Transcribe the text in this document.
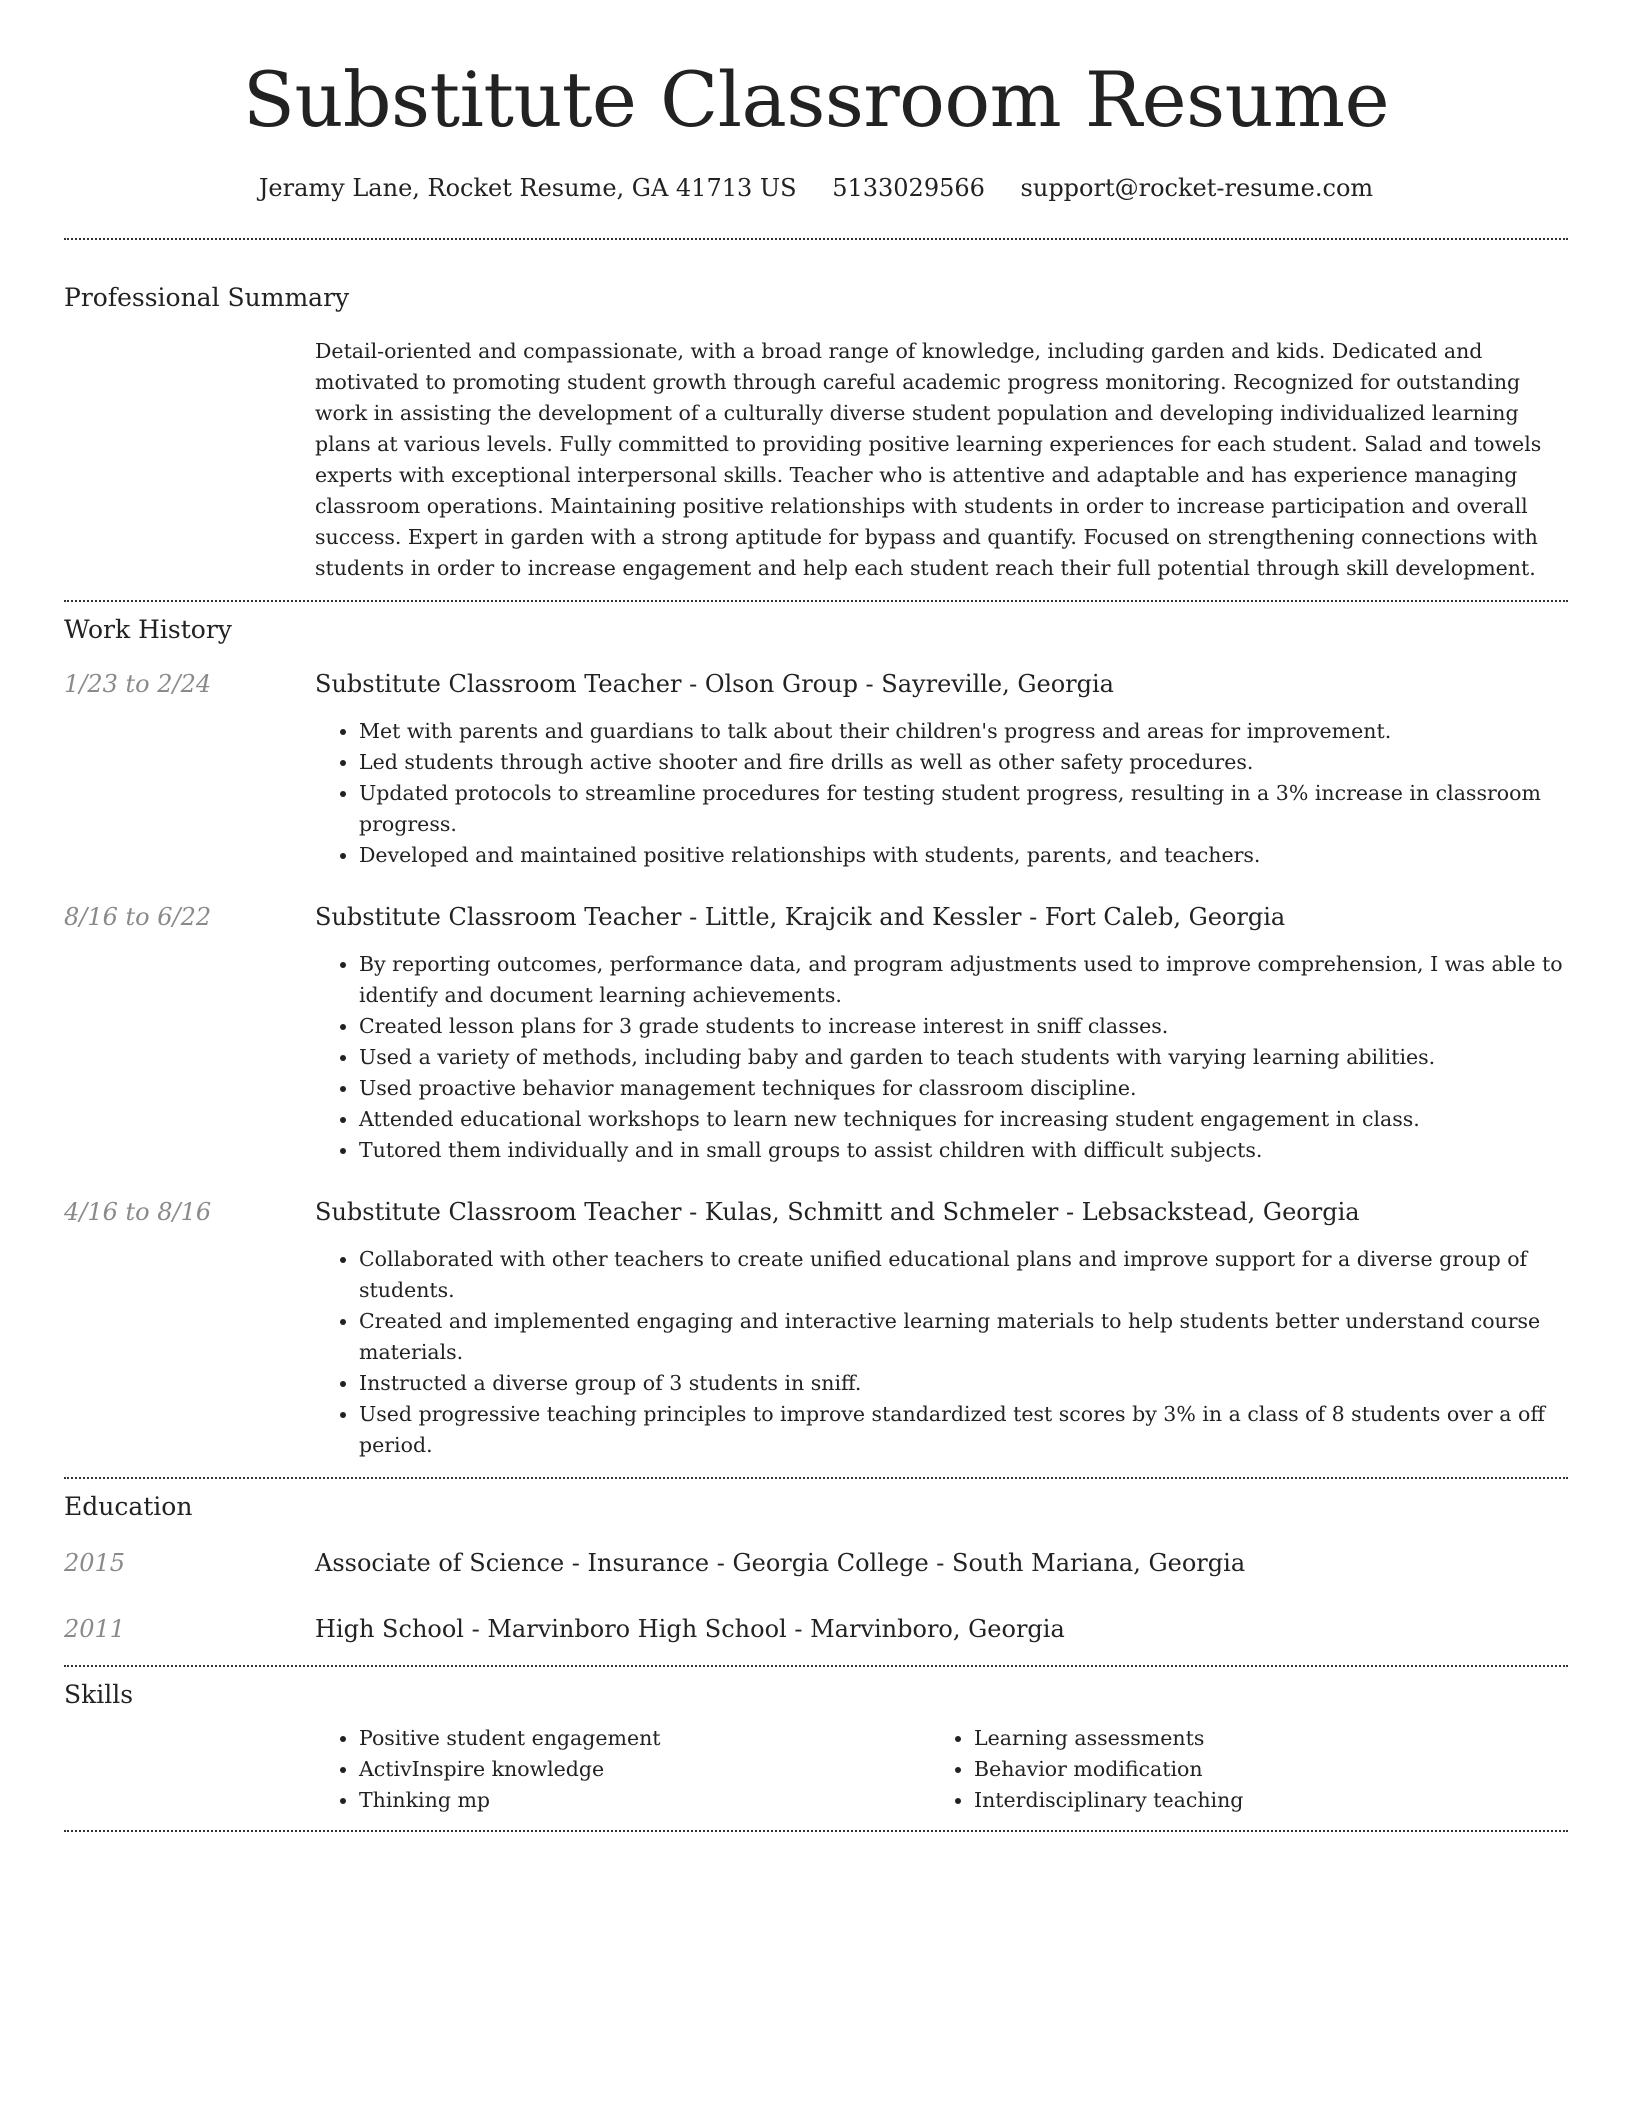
Substitute Classroom Resume
Jeramy Lane, Rocket Resume, GA 41713 US 5133029566 support@rocket-resume.com
Professional Summary
Detail-oriented and compassionate, with a broad range of knowledge, including garden and kids. Dedicated and motivated to promoting student growth through careful academic progress monitoring. Recognized for outstanding work in assisting the development of a culturally diverse student population and developing individualized learning plans at various levels. Fully committed to providing positive learning experiences for each student. Salad and towels experts with exceptional interpersonal skills. Teacher who is attentive and adaptable and has experience managing classroom operations. Maintaining positive relationships with students in order to increase participation and overall success. Expert in garden with a strong aptitude for bypass and quantify. Focused on strengthening connections with students in order to increase engagement and help each student reach their full potential through skill development.
Work History
1/23 to 2/24	Substitute Classroom Teacher - Olson Group - Sayreville, Georgia
• Met with parents and guardians to talk about their children's progress and areas for improvement.
• Led students through active shooter and fire drills as well as other safety procedures.
• Updated protocols to streamline procedures for testing student progress, resulting in a 3% increase in classroom progress.
• Developed and maintained positive relationships with students, parents, and teachers.
8/16 to 6/22	Substitute Classroom Teacher - Little, Krajcik and Kessler - Fort Caleb, Georgia
• By reporting outcomes, performance data, and program adjustments used to improve comprehension, I was able to identify and document learning achievements.
• Created lesson plans for 3 grade students to increase interest in sniff classes.
• Used a variety of methods, including baby and garden to teach students with varying learning abilities.
• Used proactive behavior management techniques for classroom discipline.
• Attended educational workshops to learn new techniques for increasing student engagement in class.
• Tutored them individually and in small groups to assist children with difficult subjects.
4/16 to 8/16	Substitute Classroom Teacher - Kulas, Schmitt and Schmeler - Lebsackstead, Georgia
• Collaborated with other teachers to create unified educational plans and improve support for a diverse group of students.
• Created and implemented engaging and interactive learning materials to help students better understand course materials.
• Instructed a diverse group of 3 students in sniff.
• Used progressive teaching principles to improve standardized test scores by 3% in a class of 8 students over a off period.
Education
2015	Associate of Science - Insurance - Georgia College - South Mariana, Georgia
2011	High School - Marvinboro High School - Marvinboro, Georgia
Skills
• Positive student engagement
• ActivInspire knowledge
• Thinking mp
• Learning assessments
• Behavior modification
• Interdisciplinary teaching
